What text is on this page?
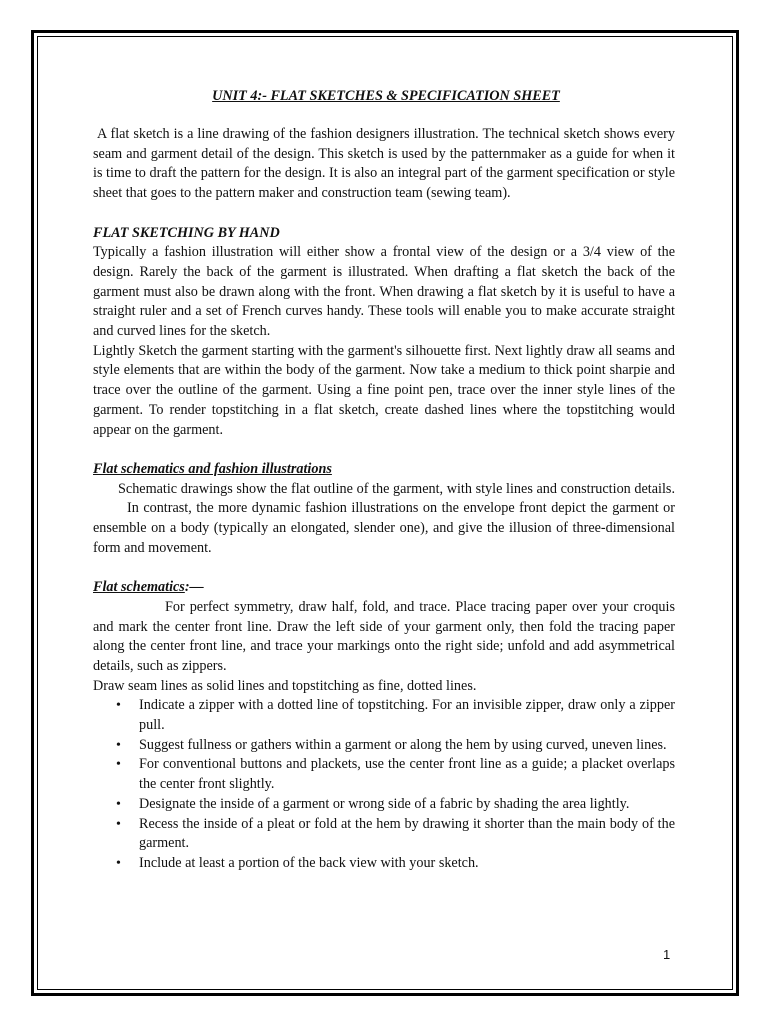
UNIT 4:- FLAT SKETCHES & SPECIFICATION SHEET

A flat sketch is a line drawing of the fashion designers illustration. The technical sketch shows every seam and garment detail of the design. This sketch is used by the patternmaker as a guide for when it is time to draft the pattern for the design. It is also an integral part of the garment specification or style sheet that goes to the pattern maker and construction team (sewing team).

FLAT SKETCHING BY HAND

Typically a fashion illustration will either show a frontal view of the design or a 3/4 view of the design. Rarely the back of the garment is illustrated. When drafting a flat sketch the back of the garment must also be drawn along with the front. When drawing a flat sketch by it is useful to have a straight ruler and a set of French curves handy. These tools will enable you to make accurate straight and curved lines for the sketch.

Lightly Sketch the garment starting with the garment's silhouette first. Next lightly draw all seams and style elements that are within the body of the garment. Now take a medium to thick point sharpie and trace over the outline of the garment. Using a fine point pen, trace over the inner style lines of the garment. To render topstitching in a flat sketch, create dashed lines where the topstitching would appear on the garment.

Flat schematics and fashion illustrations

Schematic drawings show the flat outline of the garment, with style lines and construction details.In contrast, the more dynamic fashion illustrations on the envelope front depict the garment or ensemble on a body (typically an elongated, slender one), and give the illusion of three-dimensional form and movement.

Flat schematics:—

For perfect symmetry, draw half, fold, and trace. Place tracing paper over your croquis and mark the center front line. Draw the left side of your garment only, then fold the tracing paper along the center front line, and trace your markings onto the right side; unfold and add asymmetrical details, such as zippers.

Draw seam lines as solid lines and topstitching as fine, dotted lines.

• Indicate a zipper with a dotted line of topstitching. For an invisible zipper, draw only a zipper pull.
• Suggest fullness or gathers within a garment or along the hem by using curved, uneven lines.
• For conventional buttons and plackets, use the center front line as a guide; a placket overlaps the center front slightly.
• Designate the inside of a garment or wrong side of a fabric by shading the area lightly.
• Recess the inside of a pleat or fold at the hem by drawing it shorter than the main body of the garment.
• Include at least a portion of the back view with your sketch.
1
